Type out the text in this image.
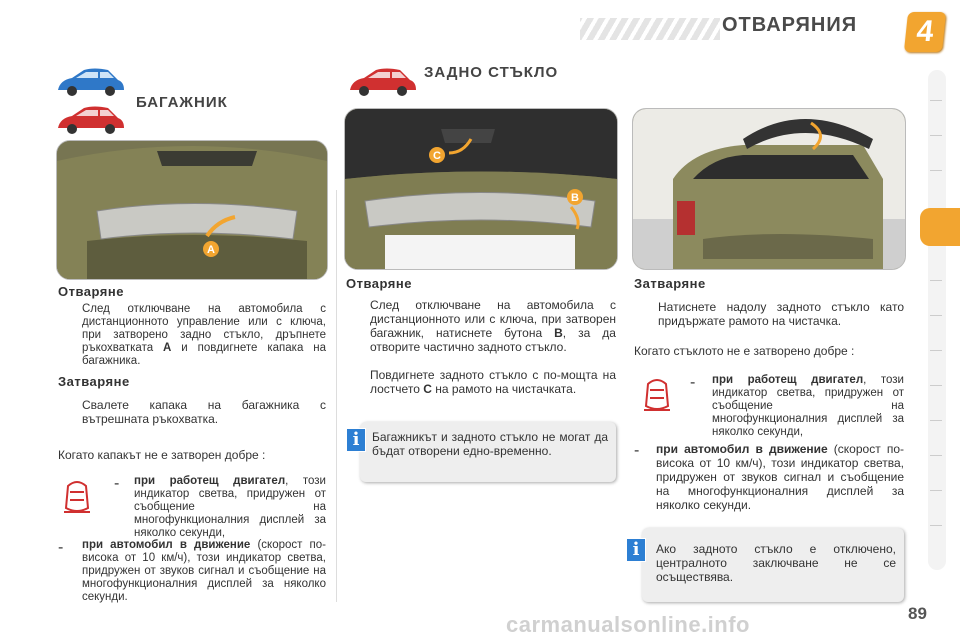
ОТВАРЯНИЯ	4
БАГАЖНИК
A
Отваряне
След отключване на автомобила с дистанционното управление или с ключа, при затворено задно стъкло, дръпнете ръкохватката A и повдигнете капака на багажника.
Затваряне
Свалете капака на багажника с вътрешната ръкохватка.
Когато капакът не е затворен добре :
- при работещ двигател, този индикатор светва, придружен от съобщение на многофункционалния дисплей за няколко секунди,
- при автомобил в движение (скорост по-висока от 10 км/ч), този индикатор светва, придружен от звуков сигнал и съобщение на многофункционалния дисплей за няколко секунди.
ЗАДНО СТЪКЛО
C
B
Отваряне
След отключване на автомобила с дистанционното или с ключа, при затворен багажник, натиснете бутона B, за да отворите частично задното стъкло.
Повдигнете задното стъкло с по-мощта на лостчето C на рамото на чистачката.
Багажникът и задното стъкло не могат да бъдат отворени едно-временно.
i
Затваряне
Натиснете надолу задното стъкло като придържате рамото на чистачка.
Когато стъклото не е затворено добре :
- при работещ двигател, този индикатор светва, придружен от съобщение на многофункционалния дисплей за няколко секунди,
- при автомобил в движение (скорост по-висока от 10 км/ч), този индикатор светва, придружен от звуков сигнал и съобщение на многофункционалния дисплей за няколко секунди.
Ако задното стъкло е отключено, централното заключване не се осъществява.
i
89
carmanualsonline.info
